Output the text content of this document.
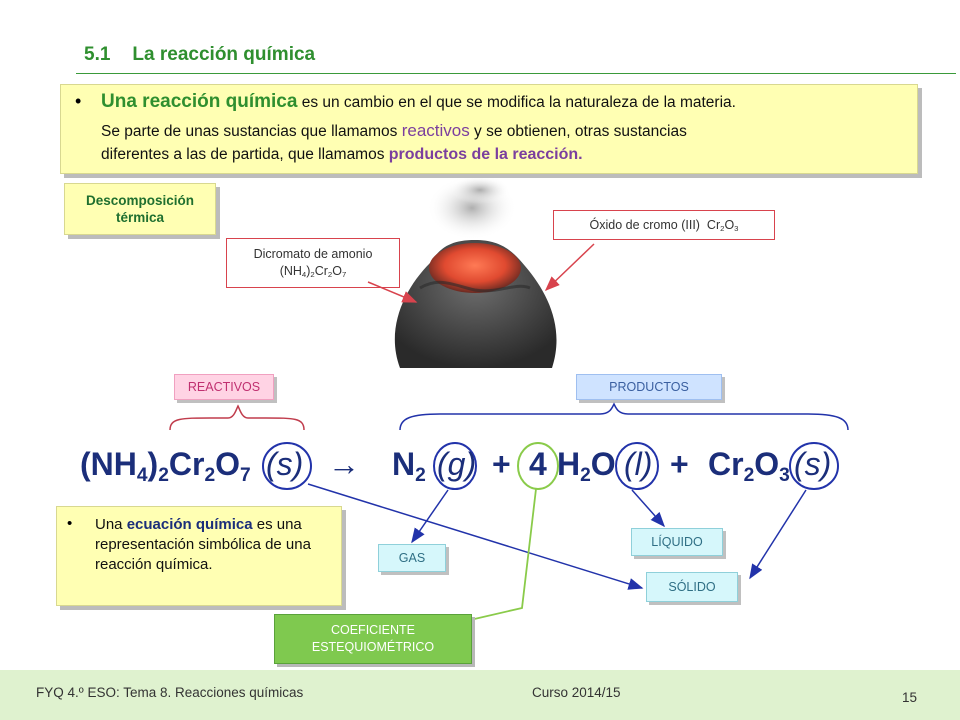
5.1 La reacción química
• Una reacción química es un cambio en el que se modifica la naturaleza de la materia.
Se parte de unas sustancias que llamamos reactivos y se obtienen, otras sustancias
diferentes a las de partida, que llamamos productos de la reacción.
Descomposición
térmica
Dicromato de amonio
$(NH_4)_2Cr_2O_7$
Óxido de cromo (III) $Cr_2O_3$
REACTIVOS	PRODUCTOS
$(NH_4)_2Cr_2O_7$ $(s) \to N_2$ (g) + 4 $H_2O$ $(l) + Cr_2O_3$ (s)
• Una ecuación química es una representación simbólica de una reacción química.	GAS
LÍQUIDO
SÓLIDO
COEFICIENTE
ESTEQUIOMÉTRICO
FYQ 4.º ESO: Tema 8. Reacciones químicas	Curso 2014/15	15
